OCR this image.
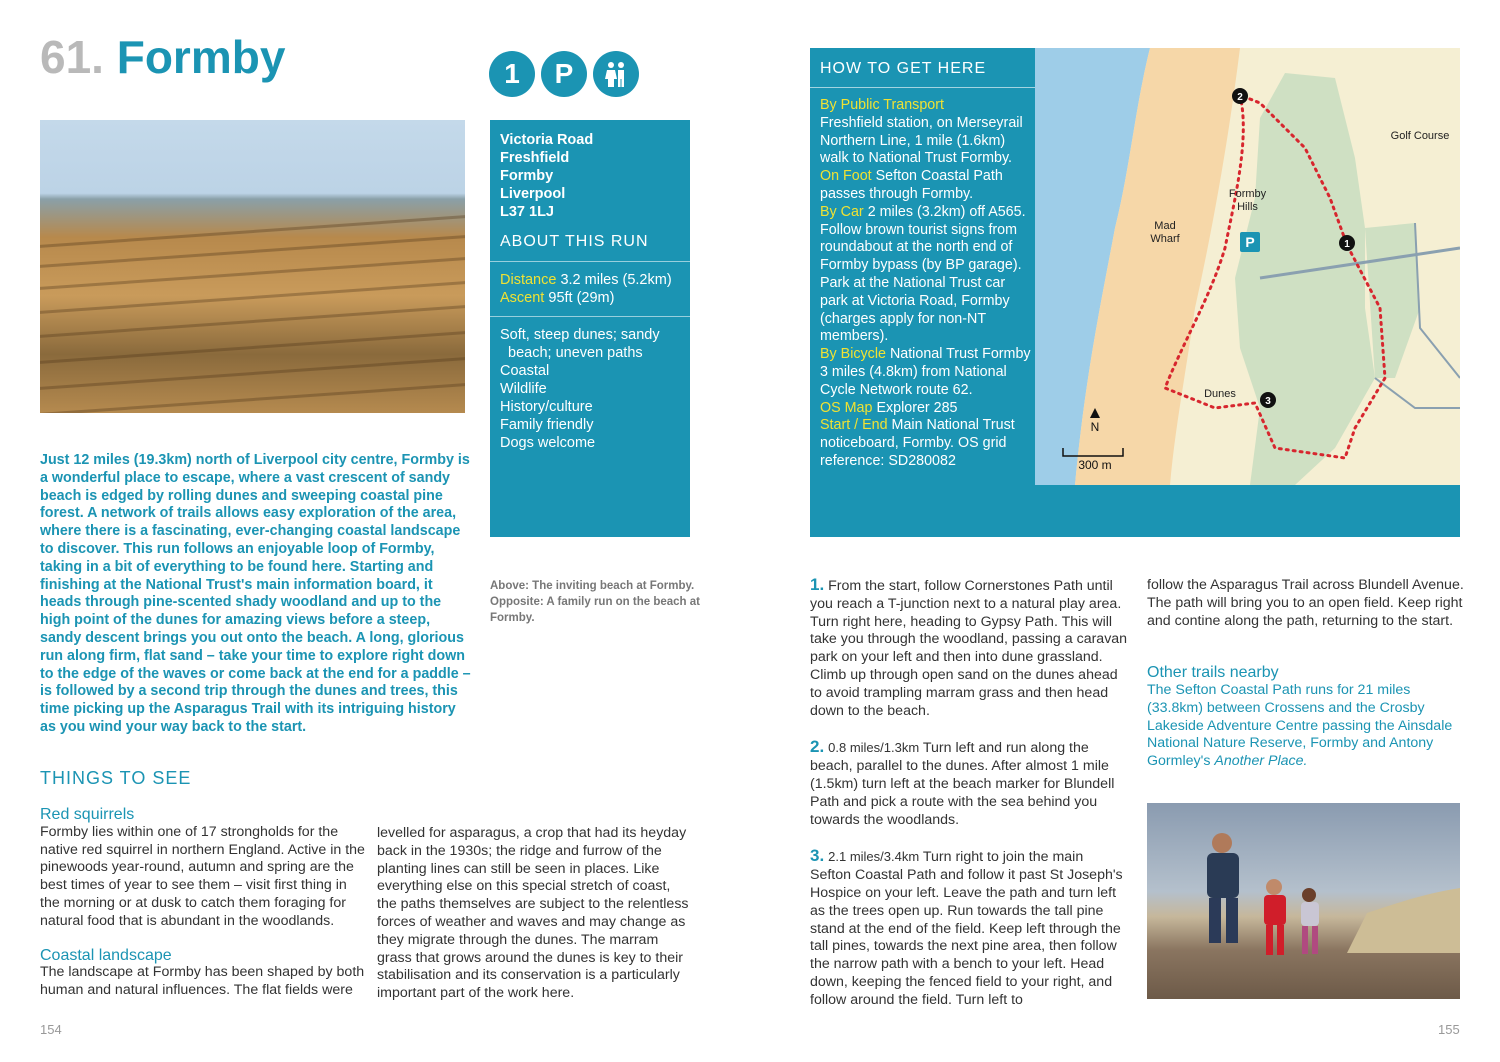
61. Formby	1	P
Victoria Road
Freshfield
Formby
Liverpool
L37 1LJ
ABOUT THIS RUN
Distance 3.2 miles (5.2km)
Ascent 95ft (29m)
Soft, steep dunes; sandy
beach; uneven paths
Coastal
Wildlife
History/culture
Family friendly
Dogs welcome
Above: The inviting beach at Formby.
Opposite: A family run on the beach at Formby.
Just 12 miles (19.3km) north of Liverpool city centre, Formby is a wonderful place to escape, where a vast crescent of sandy beach is edged by rolling dunes and sweeping coastal pine forest. A network of trails allows easy exploration of the area, where there is a fascinating, ever-changing coastal landscape to discover. This run follows an enjoyable loop of Formby, taking in a bit of everything to be found here. Starting and finishing at the National Trust's main information board, it heads through pine-scented shady woodland and up to the high point of the dunes for amazing views before a steep, sandy descent brings you out onto the beach. A long, glorious run along firm, flat sand – take your time to explore right down to the edge of the waves or come back at the end for a paddle – is followed by a second trip through the dunes and trees, this time picking up the Asparagus Trail with its intriguing history as you wind your way back to the start.
THINGS TO SEE
Red squirrels
Formby lies within one of 17 strongholds for the native red squirrel in northern England. Active in the pinewoods year-round, autumn and spring are the best times of year to see them – visit first thing in the morning or at dusk to catch them foraging for natural food that is abundant in the woodlands.
Coastal landscape
The landscape at Formby has been shaped by both human and natural influences. The flat fields were
levelled for asparagus, a crop that had its heyday back in the 1930s; the ridge and furrow of the planting lines can still be seen in places. Like everything else on this special stretch of coast, the paths themselves are subject to the relentless forces of weather and waves and may change as they migrate through the dunes. The marram grass that grows around the dunes is key to their stabilisation and its conservation is a particularly important part of the work here.
154
HOW TO GET HERE
By Public Transport
Freshfield station, on Merseyrail Northern Line, 1 mile (1.6km) walk to National Trust Formby.
On Foot Sefton Coastal Path passes through Formby.
By Car 2 miles (3.2km) off A565. Follow brown tourist signs from roundabout at the north end of Formby bypass (by BP garage). Park at the National Trust car park at Victoria Road, Formby (charges apply for non-NT members).
By Bicycle National Trust Formby 3 miles (4.8km) from National Cycle Network route 62.
OS Map Explorer 285
Start / End Main National Trust noticeboard, Formby. OS grid reference: SD280082
P	1
2
3
Golf Course
Formby Hills
Mad Wharf
Dunes
N
300 m
1. From the start, follow Cornerstones Path until you reach a T-junction next to a natural play area. Turn right here, heading to Gypsy Path. This will take you through the woodland, passing a caravan park on your left and then into dune grassland. Climb up through open sand on the dunes ahead to avoid trampling marram grass and then head down to the beach.
2. 0.8 miles/1.3km Turn left and run along the beach, parallel to the dunes. After almost 1 mile (1.5km) turn left at the beach marker for Blundell Path and pick a route with the sea behind you towards the woodlands.
3. 2.1 miles/3.4km Turn right to join the main Sefton Coastal Path and follow it past St Joseph's Hospice on your left. Leave the path and turn left as the trees open up. Run towards the tall pine stand at the end of the field. Keep left through the tall pines, towards the next pine area, then follow the narrow path with a bench to your left. Head down, keeping the fenced field to your right, and follow around the field. Turn left to
follow the Asparagus Trail across Blundell Avenue. The path will bring you to an open field. Keep right and contine along the path, returning to the start.
Other trails nearby
The Sefton Coastal Path runs for 21 miles (33.8km) between Crossens and the Crosby Lakeside Adventure Centre passing the Ainsdale National Nature Reserve, Formby and Antony Gormley's Another Place.
155
